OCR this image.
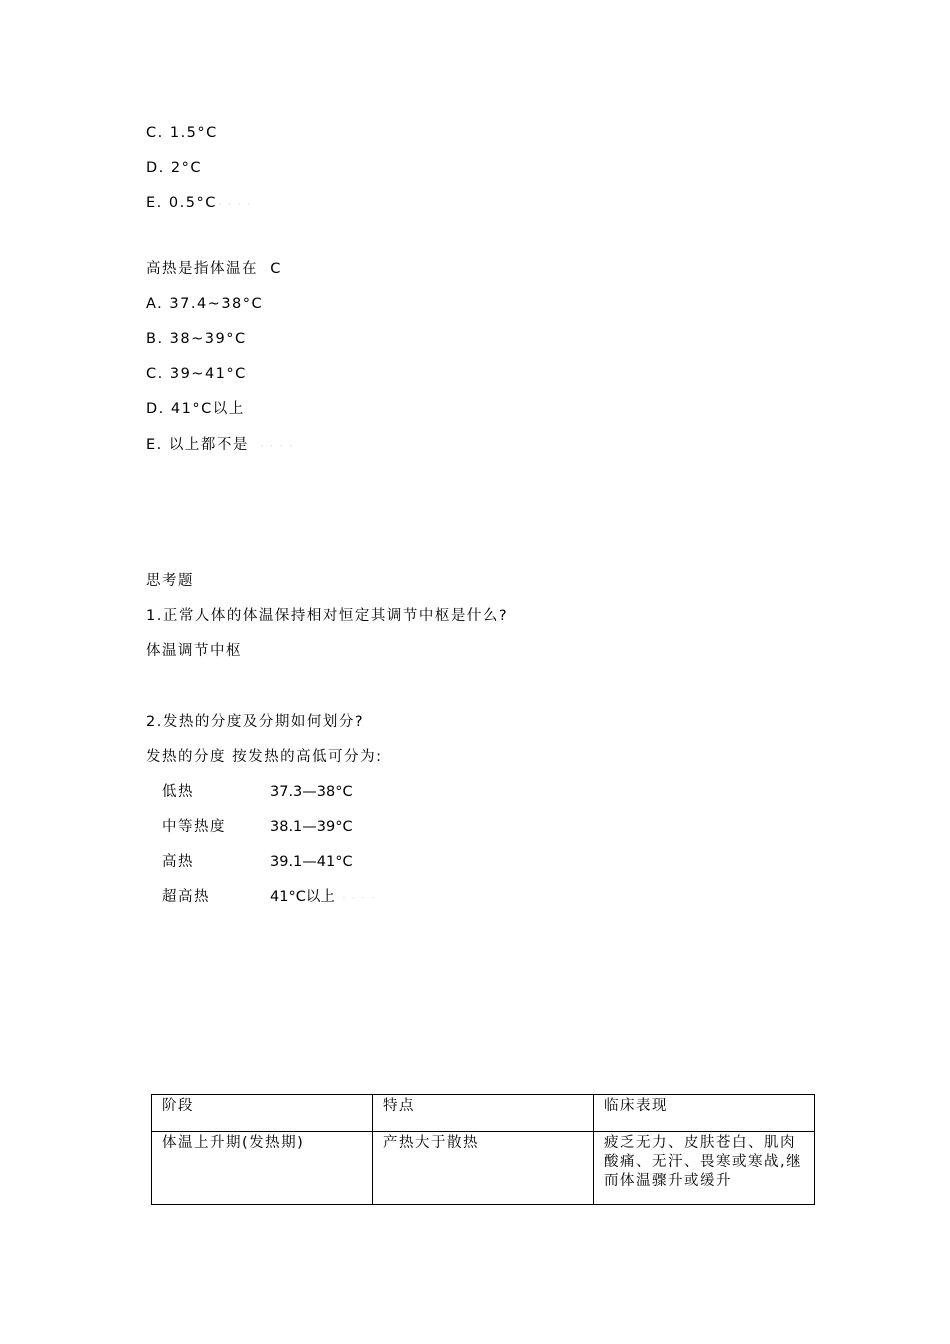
C. 1.5°C
D. 2°C
E. 0.5°C · · · ·
高热是指体温在  C
A. 37.4~38°C
B. 38~39°C
C. 39~41°C
D. 41°C以上
E. 以上都不是 · · · ·
思考题
1.正常人体的体温保持相对恒定其调节中枢是什么?
体温调节中枢
2.发热的分度及分期如何划分?
发热的分度 按发热的高低可分为:
低热	37.3—38°C
中等热度	38.1—39°C
高热	39.1—41°C
超高热	41°C以上 · · · ·
阶段	特点	临床表现
体温上升期(发热期)	产热大于散热	疲乏无力、皮肤苍白、肌肉酸痛、无汗、畏寒或寒战,继而体温骤升或缓升
